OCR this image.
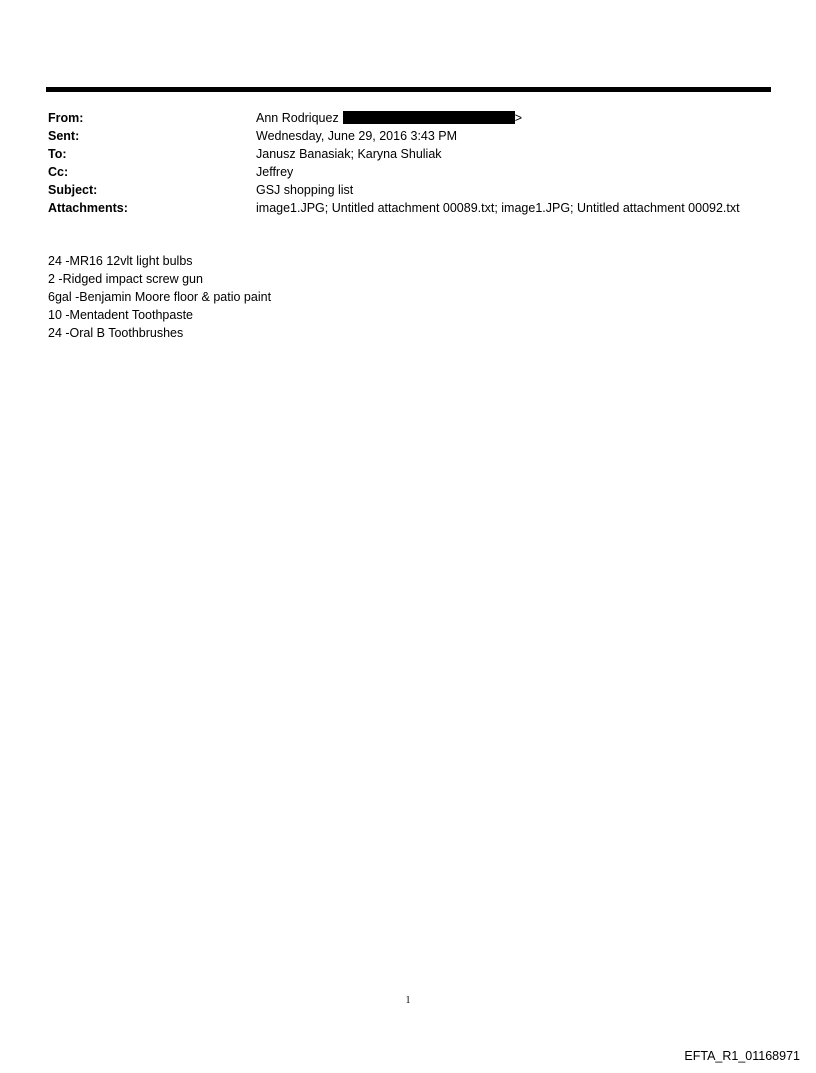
From:	Ann Rodriquez	>
Sent:	Wednesday, June 29, 2016 3:43 PM
To:	Janusz Banasiak; Karyna Shuliak
Cc:	Jeffrey
Subject:	GSJ shopping list
Attachments:	image1.JPG; Untitled attachment 00089.txt; image1.JPG; Untitled attachment 00092.txt
24 -MR16 12vlt light bulbs
2 -Ridged impact screw gun
6gal -Benjamin Moore floor & patio paint
10 -Mentadent Toothpaste
24 -Oral B Toothbrushes
1
EFTA_R1_01168971
